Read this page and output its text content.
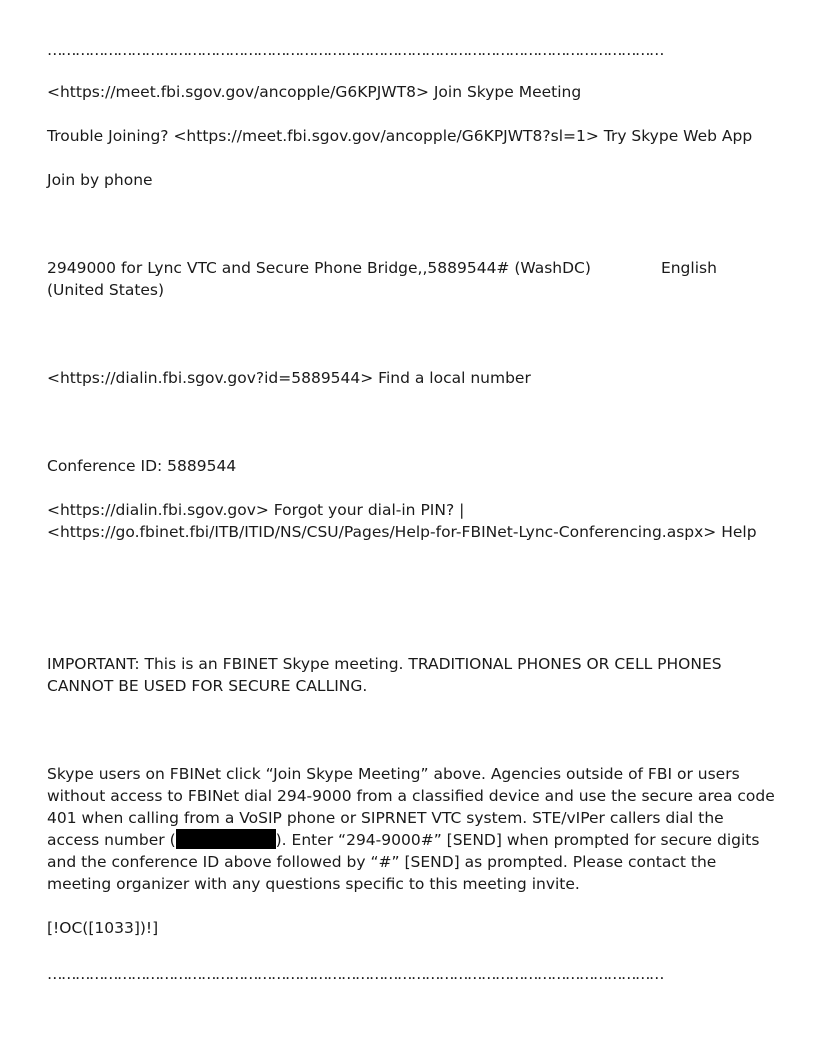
……………………………………………………………………………………………………………………
<https://meet.fbi.sgov.gov/ancopple/G6KPJWT8> Join Skype Meeting
Trouble Joining? <https://meet.fbi.sgov.gov/ancopple/G6KPJWT8?sl=1> Try Skype Web App
Join by phone
2949000 for Lync VTC and Secure Phone Bridge,,5889544# (WashDC)	English (United States)
<https://dialin.fbi.sgov.gov?id=5889544> Find a local number
Conference ID: 5889544
<https://dialin.fbi.sgov.gov> Forgot your dial-in PIN? |
<https://go.fbinet.fbi/ITB/ITID/NS/CSU/Pages/Help-for-FBINet-Lync-Conferencing.aspx> Help
IMPORTANT: This is an FBINET Skype meeting. TRADITIONAL PHONES OR CELL PHONES CANNOT BE USED FOR SECURE CALLING.
Skype users on FBINet click “Join Skype Meeting” above. Agencies outside of FBI or users without access to FBINet dial 294-9000 from a classified device and use the secure area code 401 when calling from a VoSIP phone or SIPRNET VTC system. STE/vIPer callers dial the access number (	). Enter “294-9000#” [SEND] when prompted for secure digits and the conference ID above followed by “#” [SEND] as prompted. Please contact the meeting organizer with any questions specific to this meeting invite.
[!OC([1033])!]
……………………………………………………………………………………………………………………
